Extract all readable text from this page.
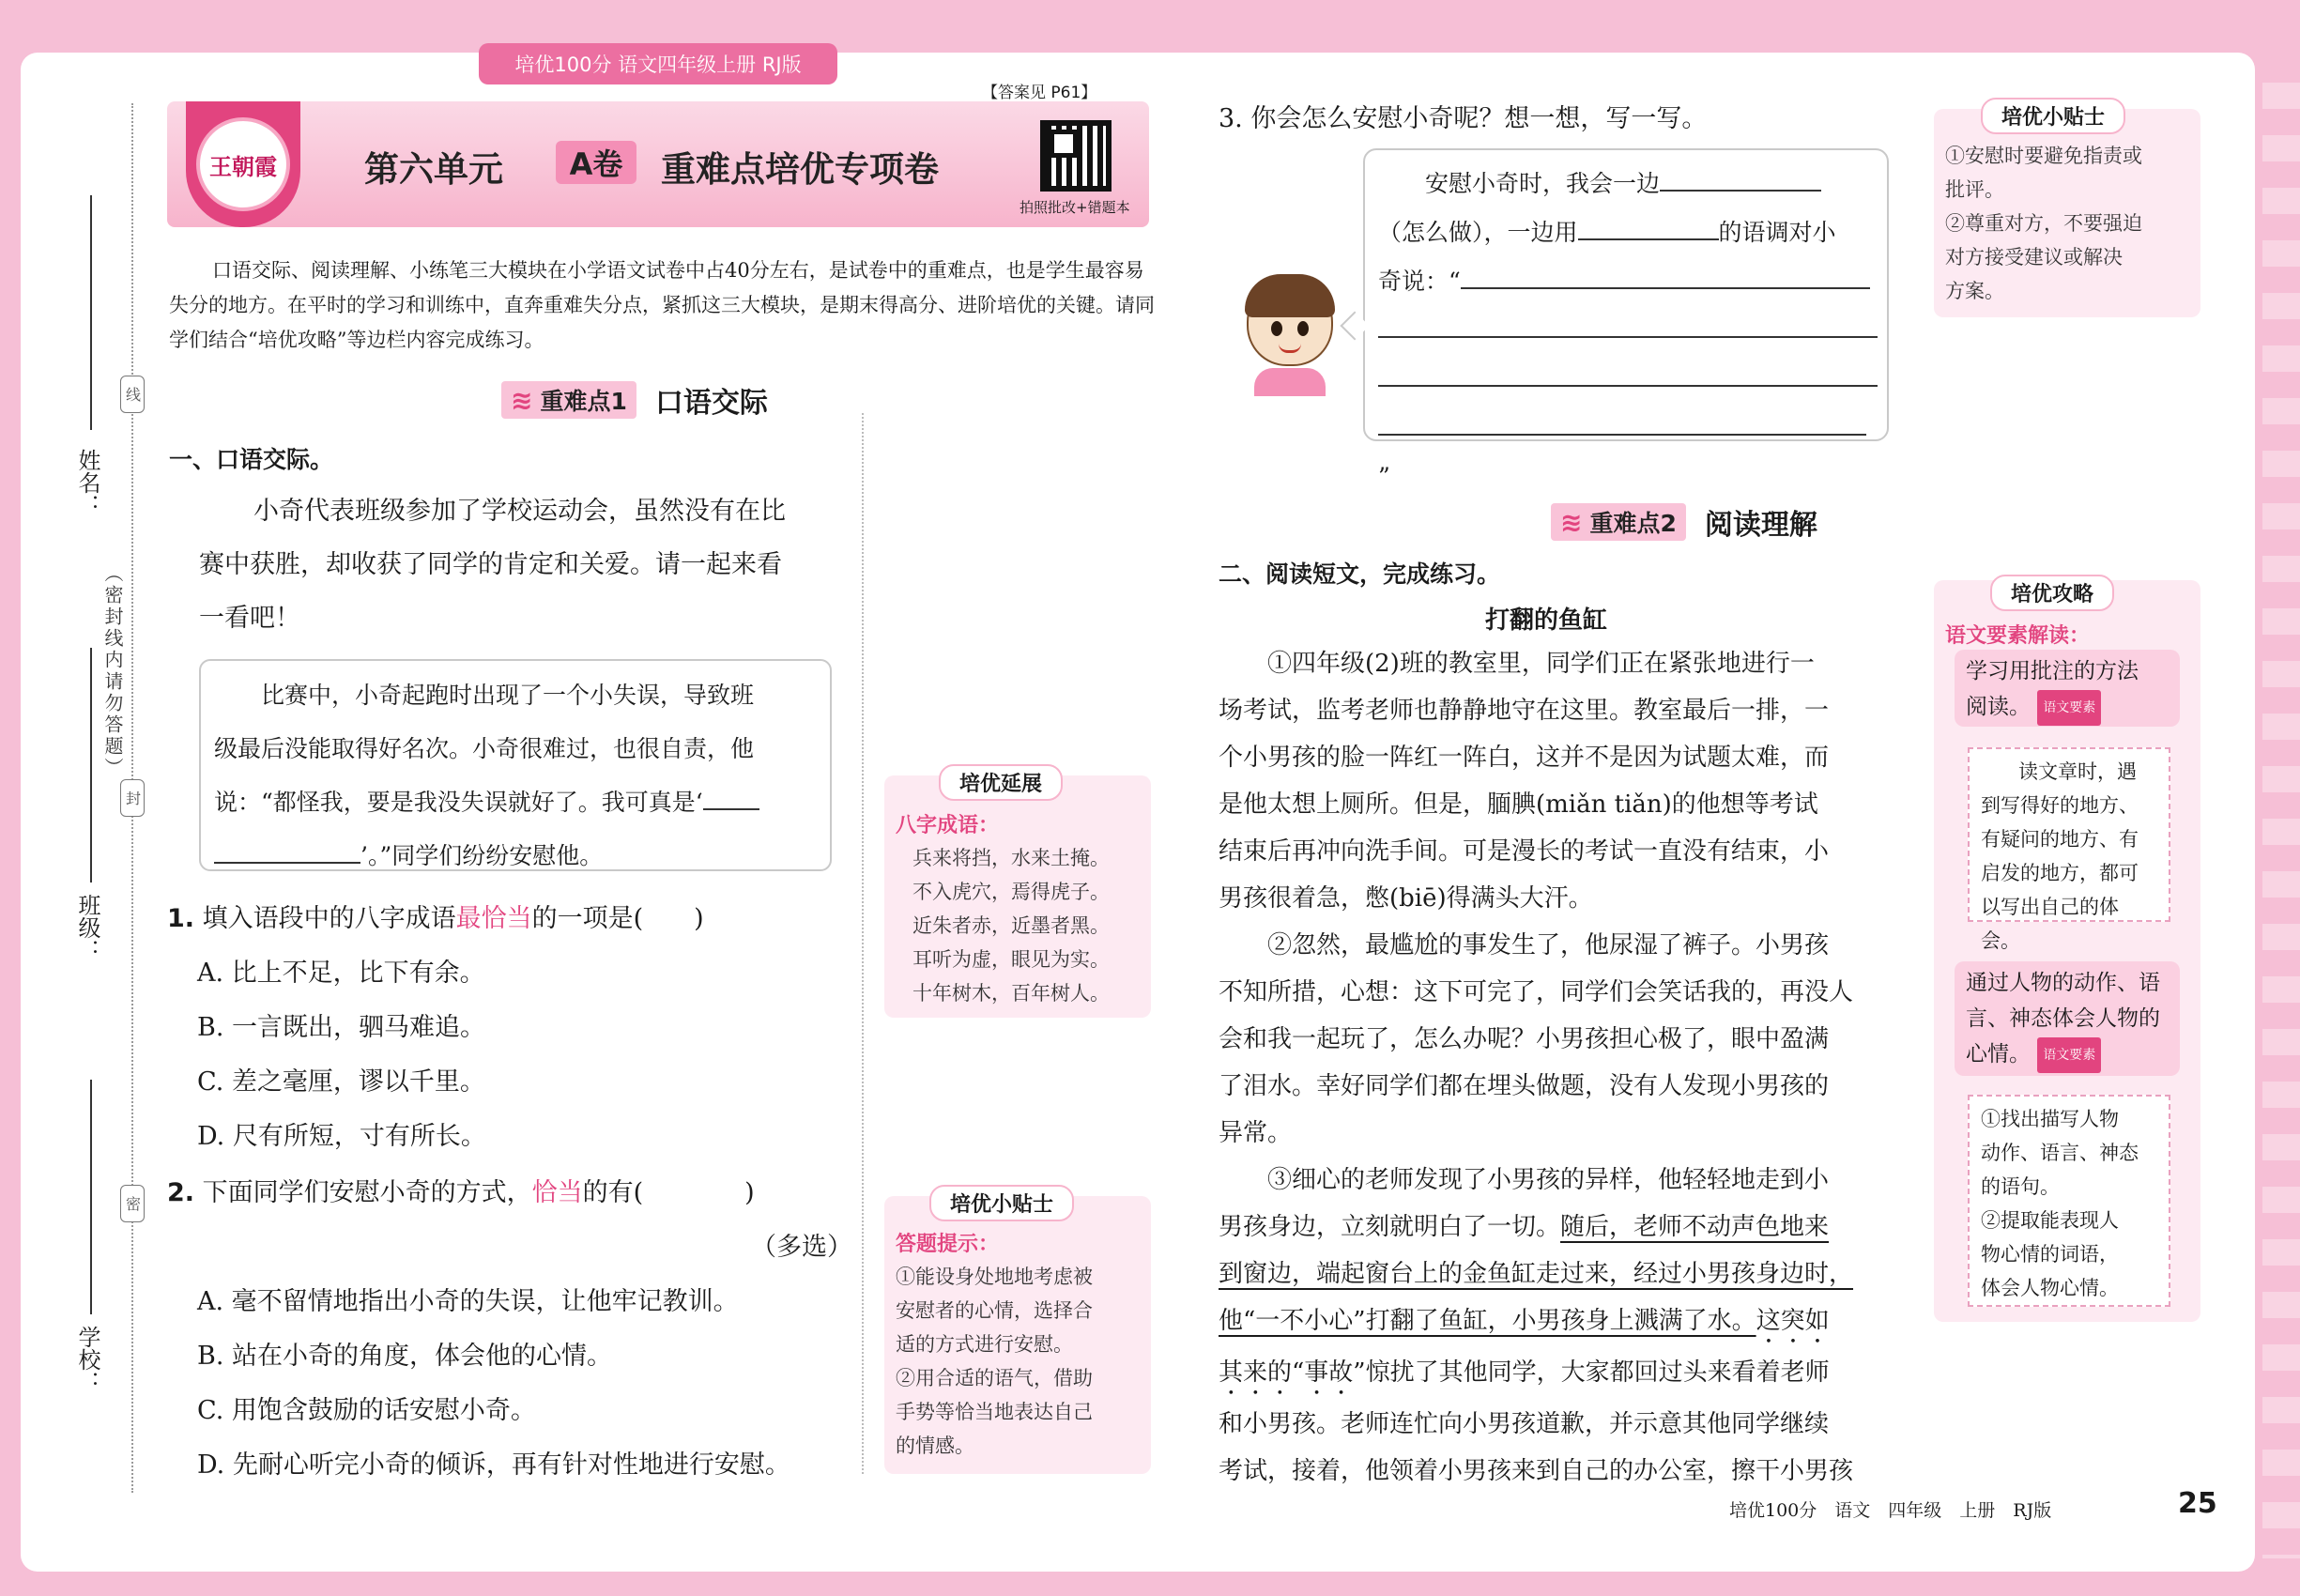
培优100分 语文四年级上册 RJ版
姓名：
班级：
学校：
线
封
密
（密封线内请勿答题）
王朝霞	第六单元	A卷	重难点培优专项卷
【答案见 P61】
拍照批改+错题本
口语交际、阅读理解、小练笔三大模块在小学语文试卷中占40分左右，是试卷中的重难点，也是学生最容易失分的地方。在平时的学习和训练中，直奔重难失分点，紧抓这三大模块，是期末得高分、进阶培优的关键。请同学们结合“培优攻略”等边栏内容完成练习。
≋ 重难点1 口语交际
一、口语交际。
小奇代表班级参加了学校运动会，虽然没有在比
赛中获胜，却收获了同学的肯定和关爱。请一起来看
一看吧！
比赛中，小奇起跑时出现了一个小失误，导致班
级最后没能取得好名次。小奇很难过，也很自责，他
说：“都怪我，要是我没失误就好了。我可真是‘
’。”同学们纷纷安慰他。
1. 填入语段中的八字成语最恰当的一项是(　　)
A. 比上不足，比下有余。
B. 一言既出，驷马难追。
C. 差之毫厘，谬以千里。
D. 尺有所短，寸有所长。
2. 下面同学们安慰小奇的方式，恰当的有(　　　　)
（多选）
A. 毫不留情地指出小奇的失误，让他牢记教训。
B. 站在小奇的角度，体会他的心情。
C. 用饱含鼓励的话安慰小奇。
D. 先耐心听完小奇的倾诉，再有针对性地进行安慰。
培优延展
八字成语：
兵来将挡，水来土掩。
不入虎穴，焉得虎子。
近朱者赤，近墨者黑。
耳听为虚，眼见为实。
十年树木，百年树人。
培优小贴士
答题提示：
①能设身处地地考虑被
安慰者的心情，选择合
适的方式进行安慰。
②用合适的语气，借助
手势等恰当地表达自己
的情感。
3. 你会怎么安慰小奇呢？想一想，写一写。
安慰小奇时，我会一边
（怎么做），一边用	的语调对小
奇说：“
”
培优小贴士
①安慰时要避免指责或
批评。
②尊重对方，不要强迫
对方接受建议或解决
方案。
≋ 重难点2 阅读理解
二、阅读短文，完成练习。
打翻的鱼缸
①四年级(2)班的教室里，同学们正在紧张地进行一
场考试，监考老师也静静地守在这里。教室最后一排，一
个小男孩的脸一阵红一阵白，这并不是因为试题太难，而
是他太想上厕所。但是，腼腆(miǎn tiǎn)的他想等考试
结束后再冲向洗手间。可是漫长的考试一直没有结束，小
男孩很着急，憋(biē)得满头大汗。
②忽然，最尴尬的事发生了，他尿湿了裤子。小男孩
不知所措，心想：这下可完了，同学们会笑话我的，再没人
会和我一起玩了，怎么办呢？小男孩担心极了，眼中盈满
了泪水。幸好同学们都在埋头做题，没有人发现小男孩的
异常。
③细心的老师发现了小男孩的异样，他轻轻地走到小
男孩身边，立刻就明白了一切。随后，老师不动声色地来
到窗边，端起窗台上的金鱼缸走过来，经过小男孩身边时，
他“一不小心”打翻了鱼缸，小男孩身上溅满了水。这突如
其来的“事故”惊扰了其他同学，大家都回过头来看着老师
和小男孩。老师连忙向小男孩道歉，并示意其他同学继续
考试，接着，他领着小男孩来到自己的办公室，擦干小男孩
培优攻略
语文要素解读：
学习用批注的方法
阅读。 语文要素
读文章时，遇
到写得好的地方、
有疑问的地方、有
启发的地方，都可
以写出自己的体会。
通过人物的动作、语
言、神态体会人物的
心情。 语文要素
①找出描写人物
动作、语言、神态
的语句。
②提取能表现人
物心情的词语，
体会人物心情。
培优100分　语文　四年级　上册　RJ版	25
